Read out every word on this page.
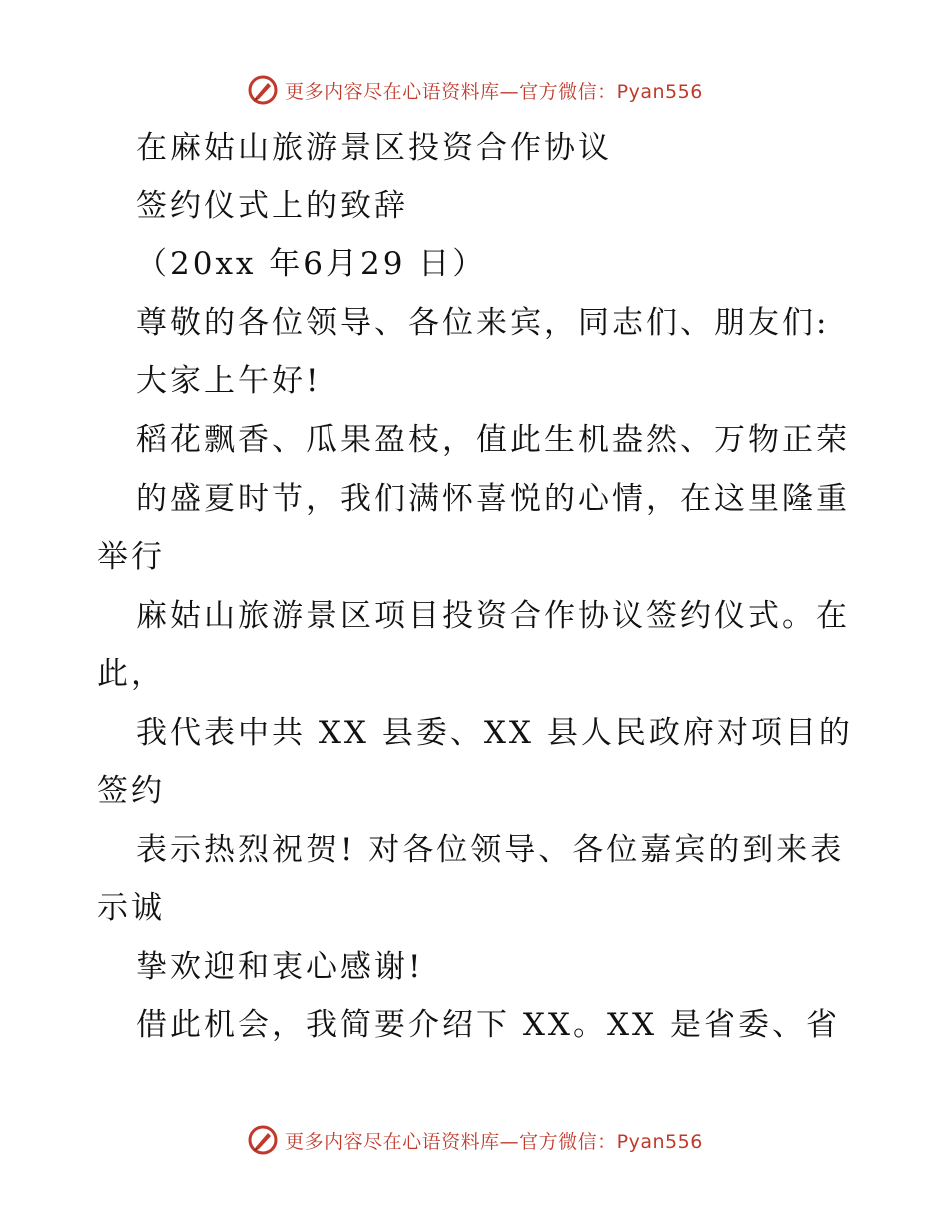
更多内容尽在心语资料库—官方微信：Pyan556
在麻姑山旅游景区投资合作协议
签约仪式上的致辞
（20xx 年6月29 日）
尊敬的各位领导、各位来宾，同志们、朋友们:
大家上午好!
稻花飘香、瓜果盈枝，值此生机盎然、万物正荣
的盛夏时节，我们满怀喜悦的心情，在这里隆重
举行
麻姑山旅游景区项目投资合作协议签约仪式。在
此，
我代表中共 XX 县委、XX 县人民政府对项目的
签约
表示热烈祝贺! 对各位领导、各位嘉宾的到来表
示诚
挚欢迎和衷心感谢!
借此机会，我简要介绍下 XX。XX 是省委、省
更多内容尽在心语资料库—官方微信：Pyan556
